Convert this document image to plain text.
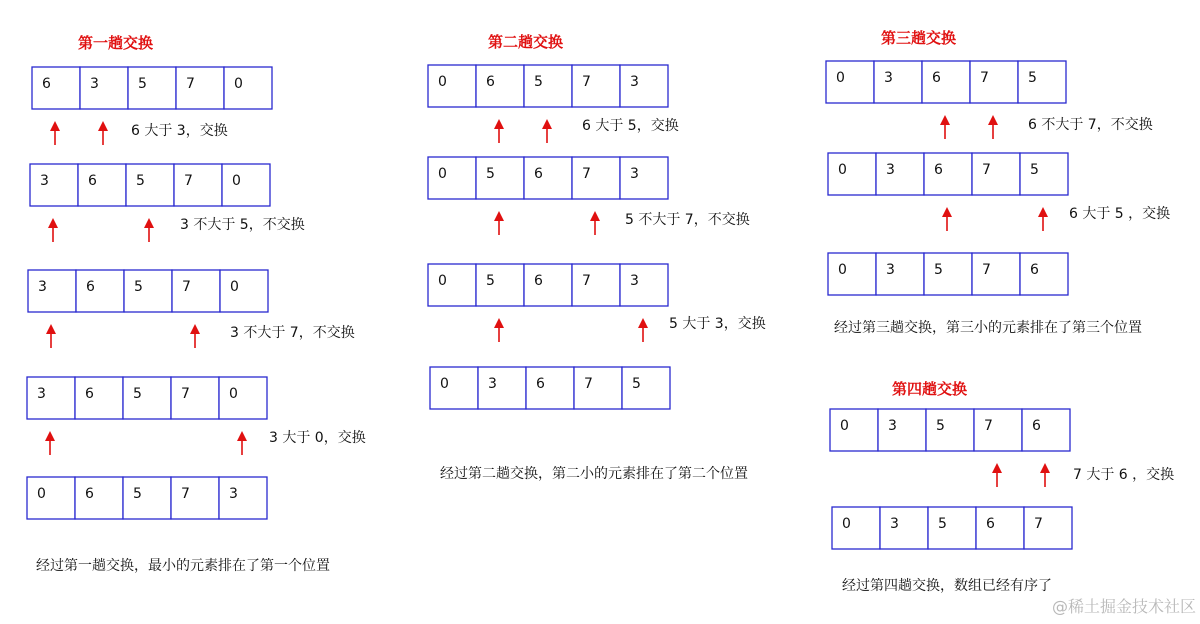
第一趟交换
6	3	5	7	0
6 大于 3，交换
3	6	5	7	0
3 不大于 5，不交换
3	6	5	7	0
3 不大于 7，不交换
3	6	5	7	0
3 大于 0，交换
0	6	5	7	3
经过第一趟交换，最小的元素排在了第一个位置
第二趟交换
0	6	5	7	3
6 大于 5，交换
0	5	6	7	3
5 不大于 7，不交换
0	5	6	7	3
5 大于 3，交换
0	3	6	7	5
经过第二趟交换，第二小的元素排在了第二个位置
第三趟交换
0	3	6	7	5
6 不大于 7，不交换
0	3	6	7	5
6 大于 5 ，交换
0	3	5	7	6
经过第三趟交换，第三小的元素排在了第三个位置
第四趟交换
0	3	5	7	6
7 大于 6 ，交换
0	3	5	6	7
经过第四趟交换，数组已经有序了
@稀土掘金技术社区
